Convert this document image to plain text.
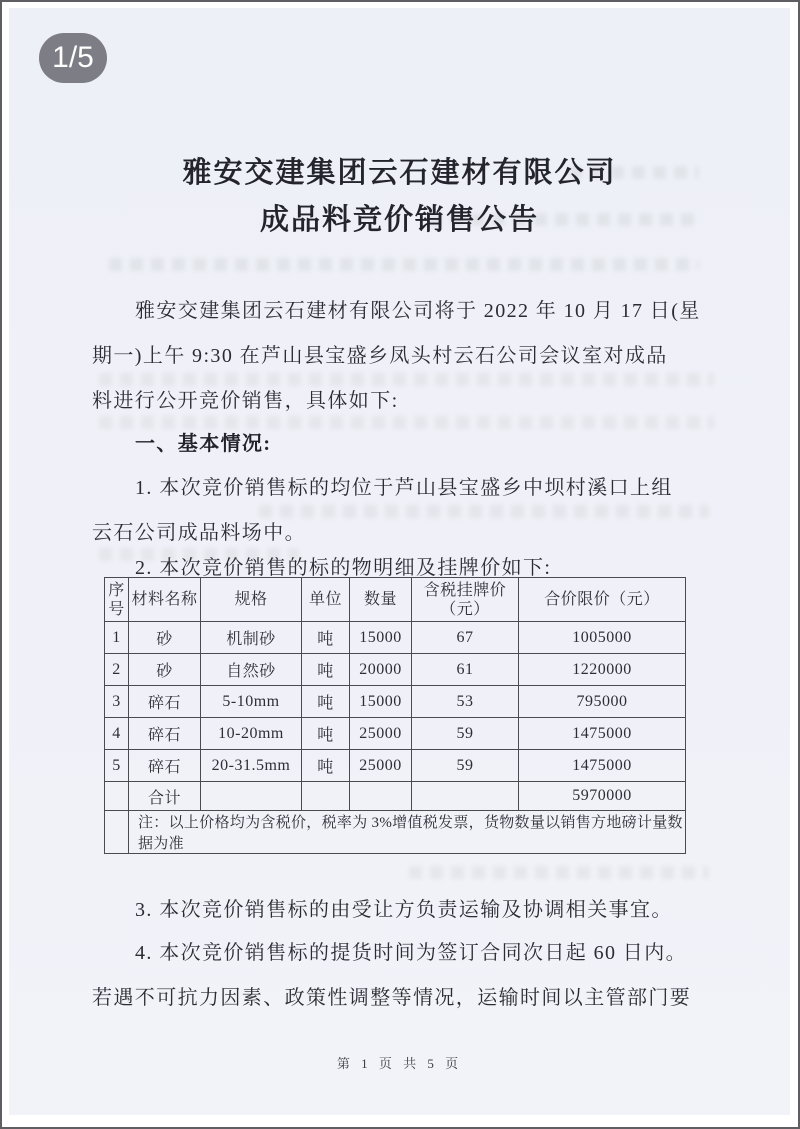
1/5
雅安交建集团云石建材有限公司
成品料竞价销售公告
雅安交建集团云石建材有限公司将于 2022 年 10 月 17 日(星
期一)上午 9:30 在芦山县宝盛乡凤头村云石公司会议室对成品
料进行公开竞价销售，具体如下:
一、基本情况:
1. 本次竞价销售标的均位于芦山县宝盛乡中坝村溪口上组
云石公司成品料场中。
2. 本次竞价销售的标的物明细及挂牌价如下:
序号	材料名称	规格	单位	数量	含税挂牌价 （元）	合价限价（元）
1	砂	机制砂	吨	15000	67	1005000
2	砂	自然砂	吨	20000	61	1220000
3	碎石	5-10mm	吨	15000	53	795000
4	碎石	10-20mm	吨	25000	59	1475000
5	碎石	20-31.5mm	吨	25000	59	1475000
	合计					5970000
	注：以上价格均为含税价，税率为 3%增值税发票，货物数量以销售方地磅计量数据为准					
3. 本次竞价销售标的由受让方负责运输及协调相关事宜。
4. 本次竞价销售标的提货时间为签订合同次日起 60 日内。
若遇不可抗力因素、政策性调整等情况，运输时间以主管部门要
第 1 页 共 5 页
